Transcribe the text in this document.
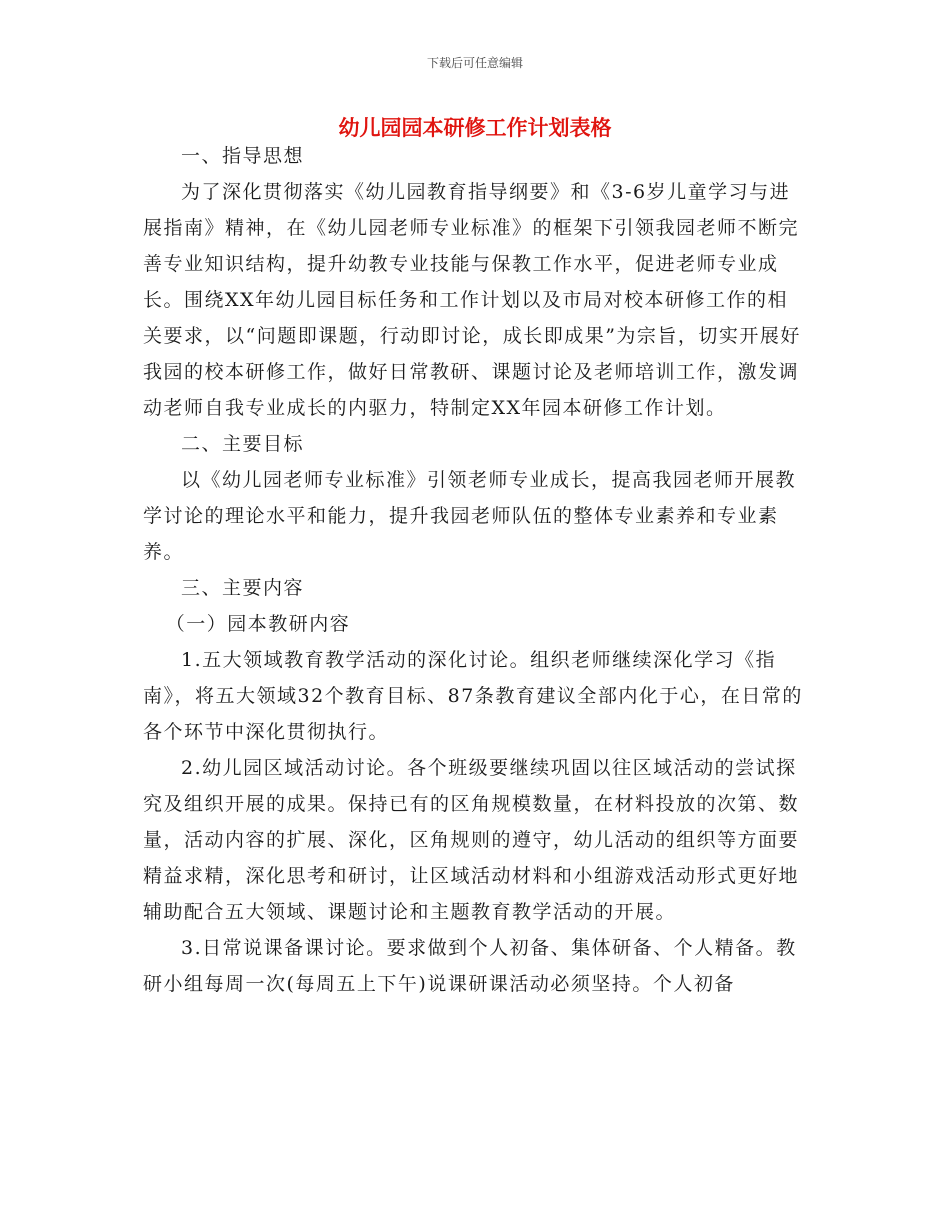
下载后可任意编辑
幼儿园园本研修工作计划表格

一、指导思想

为了深化贯彻落实《幼儿园教育指导纲要》和《3-6岁儿童学习与进展指南》精神，在《幼儿园老师专业标准》的框架下引领我园老师不断完善专业知识结构，提升幼教专业技能与保教工作水平，促进老师专业成长。围绕XX年幼儿园目标任务和工作计划以及市局对校本研修工作的相关要求，以“问题即课题，行动即讨论，成长即成果”为宗旨，切实开展好我园的校本研修工作，做好日常教研、课题讨论及老师培训工作，激发调动老师自我专业成长的内驱力，特制定XX年园本研修工作计划。

二、主要目标

以《幼儿园老师专业标准》引领老师专业成长，提高我园老师开展教学讨论的理论水平和能力，提升我园老师队伍的整体专业素养和专业素养。

三、主要内容

（一）园本教研内容

1.五大领域教育教学活动的深化讨论。组织老师继续深化学习《指南》，将五大领域32个教育目标、87条教育建议全部内化于心，在日常的各个环节中深化贯彻执行。

2.幼儿园区域活动讨论。各个班级要继续巩固以往区域活动的尝试探究及组织开展的成果。保持已有的区角规模数量，在材料投放的次第、数量，活动内容的扩展、深化，区角规则的遵守，幼儿活动的组织等方面要精益求精，深化思考和研讨，让区域活动材料和小组游戏活动形式更好地辅助配合五大领域、课题讨论和主题教育教学活动的开展。

3.日常说课备课讨论。要求做到个人初备、集体研备、个人精备。教研小组每周一次(每周五上下午)说课研课活动必须坚持。个人初备
